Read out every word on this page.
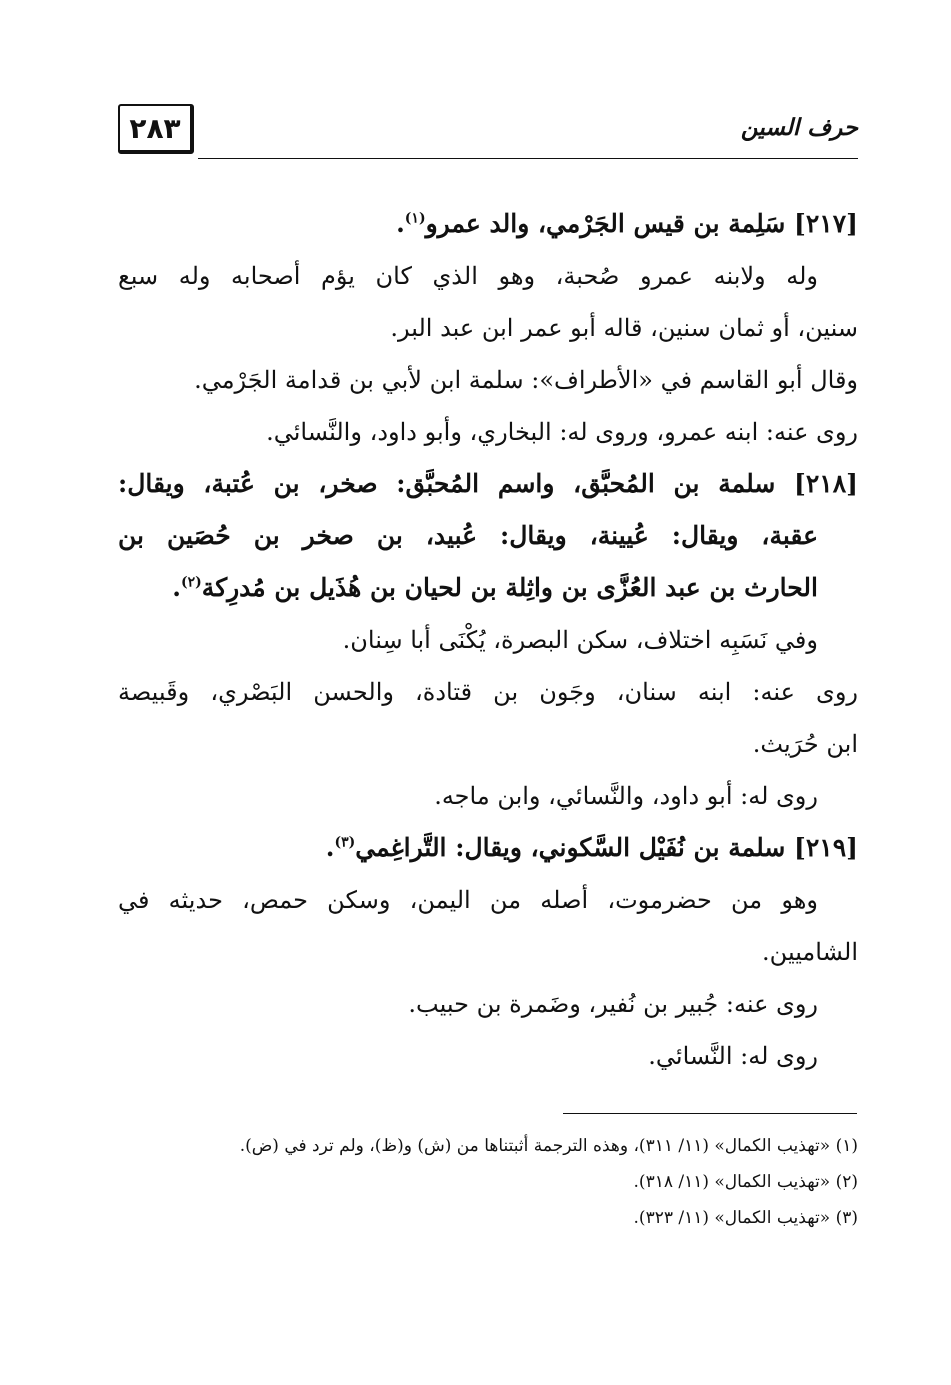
٢٨٣	حرف السين
[٢١٧] سَلِمة بن قيس الجَرْمي، والد عمرو$^{(١)}$.
وله ولابنه عمرو صُحبة، وهو الذي كان يؤم أصحابه وله سبع
سنين، أو ثمان سنين، قاله أبو عمر ابن عبد البر.
وقال أبو القاسم في «الأطراف»: سلمة ابن لأبي بن قدامة الجَرْمي.
روى عنه: ابنه عمرو، وروى له: البخاري، وأبو داود، والنَّسائي.
[٢١٨] سلمة بن المُحبَّق، واسم المُحبَّق: صخر، بن عُتبة، ويقال:
عقبة، ويقال: عُيينة، ويقال: عُبيد، بن صخر بن حُصَين بن
الحارث بن عبد العُزَّى بن واثِلة بن لحيان بن هُذَيل بن مُدرِكة$^{(٢)}$.
وفي نَسَبِه اختلاف، سكن البصرة، يُكْنَى أبا سِنان.
روى عنه: ابنه سنان، وجَون بن قتادة، والحسن البَصْري، وقَبيصة
ابن حُرَيث.
روى له: أبو داود، والنَّسائي، وابن ماجه.
[٢١٩] سلمة بن نُفَيْل السَّكوني، ويقال: التَّراغِمي$^{(٣)}$.
وهو من حضرموت، أصله من اليمن، وسكن حمص، حديثه في
الشاميين.
روى عنه: جُبير بن نُفير، وضَمرة بن حبيب.
روى له: النَّسائي.
(١) «تهذيب الكمال» (١١/ ٣١١)، وهذه الترجمة أثبتناها من (ش) و(ظ)، ولم ترد في (ض).
(٢) «تهذيب الكمال» (١١/ ٣١٨).
(٣) «تهذيب الكمال» (١١/ ٣٢٣).
